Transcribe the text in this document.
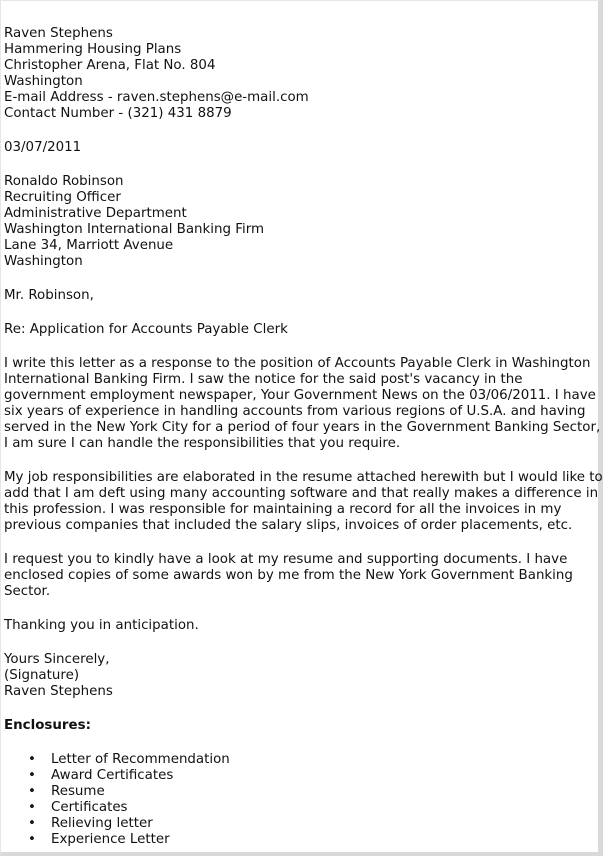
Raven Stephens
Hammering Housing Plans
Christopher Arena, Flat No. 804
Washington
E-mail Address - raven.stephens@e-mail.com
Contact Number - (321) 431 8879
03/07/2011
Ronaldo Robinson
Recruiting Officer
Administrative Department
Washington International Banking Firm
Lane 34, Marriott Avenue
Washington
Mr. Robinson,
Re: Application for Accounts Payable Clerk
I write this letter as a response to the position of Accounts Payable Clerk in Washington
International Banking Firm. I saw the notice for the said post's vacancy in the
government employment newspaper, Your Government News on the 03/06/2011. I have
six years of experience in handling accounts from various regions of U.S.A. and having
served in the New York City for a period of four years in the Government Banking Sector,
I am sure I can handle the responsibilities that you require.
My job responsibilities are elaborated in the resume attached herewith but I would like to
add that I am deft using many accounting software and that really makes a difference in
this profession. I was responsible for maintaining a record for all the invoices in my
previous companies that included the salary slips, invoices of order placements, etc.
I request you to kindly have a look at my resume and supporting documents. I have
enclosed copies of some awards won by me from the New York Government Banking
Sector.
Thanking you in anticipation.
Yours Sincerely,
(Signature)
Raven Stephens
Enclosures:
• Letter of Recommendation
• Award Certificates
• Resume
• Certificates
• Relieving letter
• Experience Letter
